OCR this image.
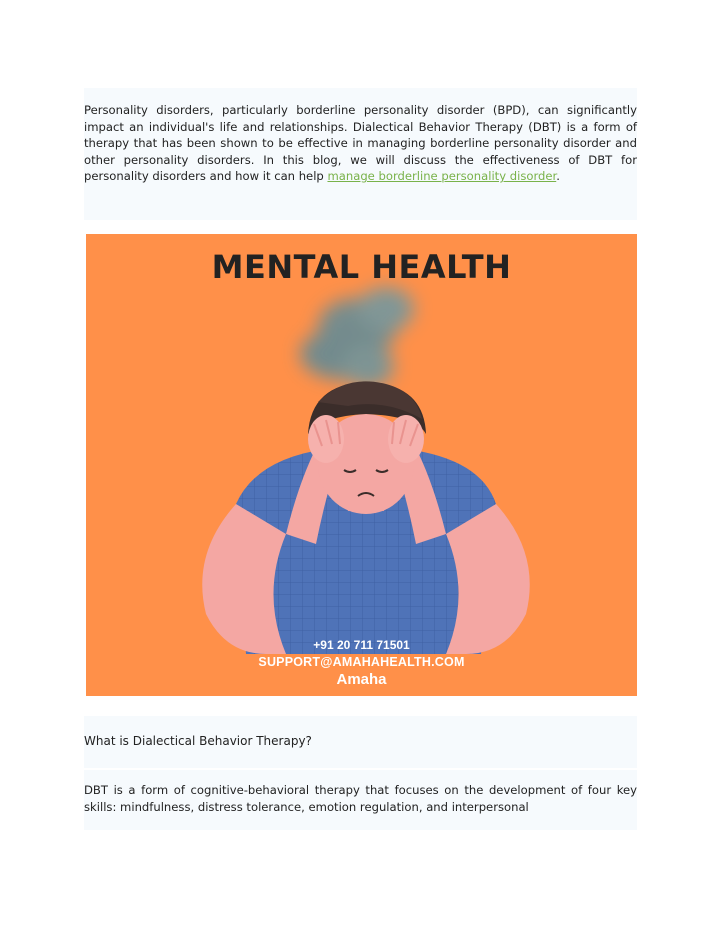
Personality disorders, particularly borderline personality disorder (BPD), can significantly impact an individual's life and relationships. Dialectical Behavior Therapy (DBT) is a form of therapy that has been shown to be effective in managing borderline personality disorder and other personality disorders. In this blog, we will discuss the effectiveness of DBT for personality disorders and how it can help manage borderline personality disorder.

MENTAL HEALTH
+91 20 711 71501
SUPPORT@AMAHAHEALTH.COM
Amaha
What is Dialectical Behavior Therapy?

DBT is a form of cognitive-behavioral therapy that focuses on the development of four key skills: mindfulness, distress tolerance, emotion regulation, and interpersonal
